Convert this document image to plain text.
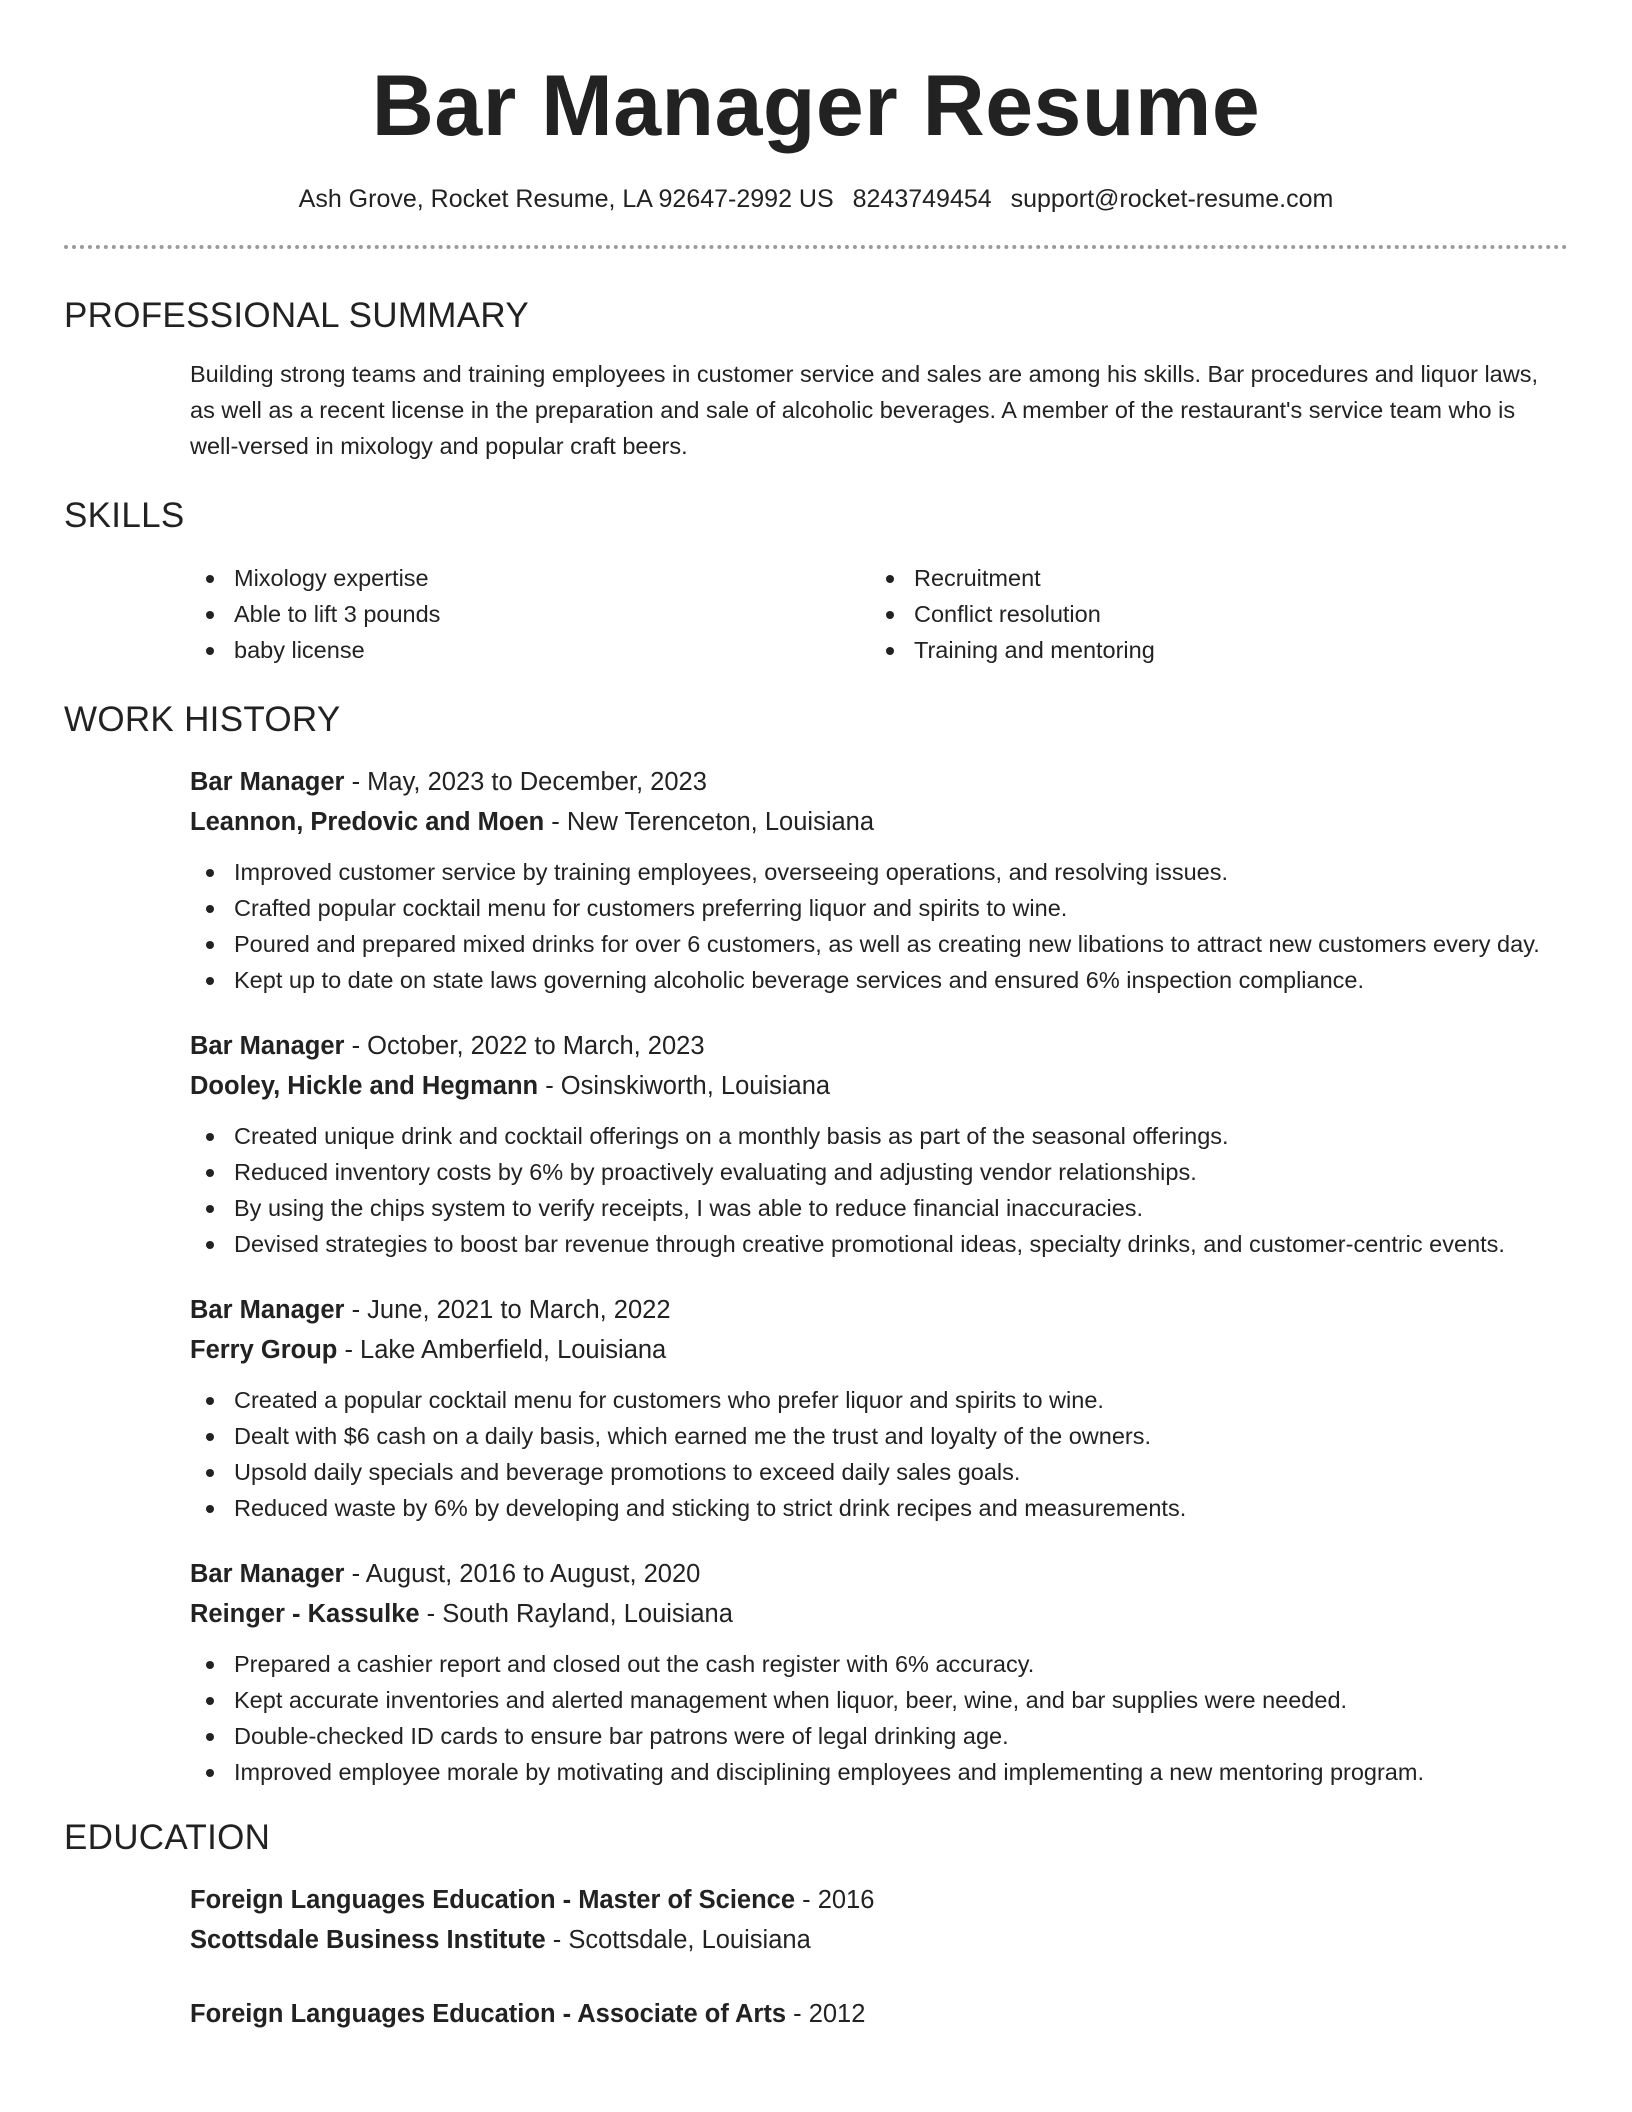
Bar Manager Resume
Ash Grove, Rocket Resume, LA 92647-2992 US 8243749454 support@rocket-resume.com
PROFESSIONAL SUMMARY

Building strong teams and training employees in customer service and sales are among his skills. Bar procedures and liquor laws, as well as a recent license in the preparation and sale of alcoholic beverages. A member of the restaurant's service team who is well-versed in mixology and popular craft beers.

SKILLS
Mixology expertise
Able to lift 3 pounds
baby license
Recruitment
Conflict resolution
Training and mentoring
WORK HISTORY
Bar Manager - May, 2023 to December, 2023
Leannon, Predovic and Moen - New Terenceton, Louisiana
Improved customer service by training employees, overseeing operations, and resolving issues.
Crafted popular cocktail menu for customers preferring liquor and spirits to wine.
Poured and prepared mixed drinks for over 6 customers, as well as creating new libations to attract new customers every day.
Kept up to date on state laws governing alcoholic beverage services and ensured 6% inspection compliance.
Bar Manager - October, 2022 to March, 2023
Dooley, Hickle and Hegmann - Osinskiworth, Louisiana
Created unique drink and cocktail offerings on a monthly basis as part of the seasonal offerings.
Reduced inventory costs by 6% by proactively evaluating and adjusting vendor relationships.
By using the chips system to verify receipts, I was able to reduce financial inaccuracies.
Devised strategies to boost bar revenue through creative promotional ideas, specialty drinks, and customer-centric events.
Bar Manager - June, 2021 to March, 2022
Ferry Group - Lake Amberfield, Louisiana
Created a popular cocktail menu for customers who prefer liquor and spirits to wine.
Dealt with $6 cash on a daily basis, which earned me the trust and loyalty of the owners.
Upsold daily specials and beverage promotions to exceed daily sales goals.
Reduced waste by 6% by developing and sticking to strict drink recipes and measurements.
Bar Manager - August, 2016 to August, 2020
Reinger - Kassulke - South Rayland, Louisiana
Prepared a cashier report and closed out the cash register with 6% accuracy.
Kept accurate inventories and alerted management when liquor, beer, wine, and bar supplies were needed.
Double-checked ID cards to ensure bar patrons were of legal drinking age.
Improved employee morale by motivating and disciplining employees and implementing a new mentoring program.
EDUCATION
Foreign Languages Education - Master of Science - 2016
Scottsdale Business Institute - Scottsdale, Louisiana
Foreign Languages Education - Associate of Arts - 2012
